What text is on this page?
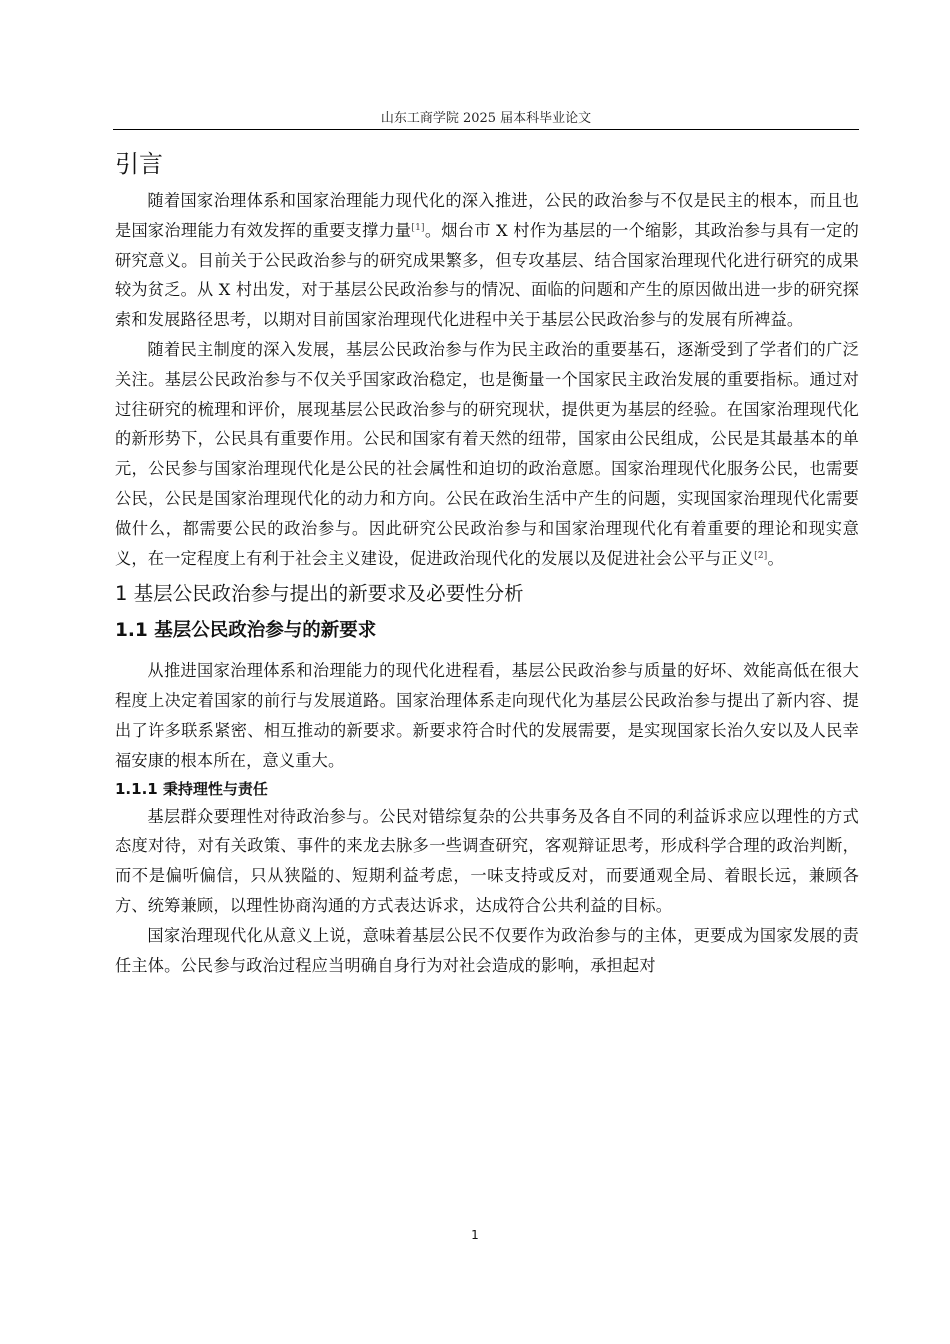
山东工商学院 2025 届本科毕业论文
引言

随着国家治理体系和国家治理能力现代化的深入推进，公民的政治参与不仅是民主的根本，而且也是国家治理能力有效发挥的重要支撑力量[1]。烟台市 X 村作为基层的一个缩影，其政治参与具有一定的研究意义。目前关于公民政治参与的研究成果繁多，但专攻基层、结合国家治理现代化进行研究的成果较为贫乏。从 X 村出发，对于基层公民政治参与的情况、面临的问题和产生的原因做出进一步的研究探索和发展路径思考，以期对目前国家治理现代化进程中关于基层公民政治参与的发展有所裨益。

随着民主制度的深入发展，基层公民政治参与作为民主政治的重要基石，逐渐受到了学者们的广泛关注。基层公民政治参与不仅关乎国家政治稳定，也是衡量一个国家民主政治发展的重要指标。通过对过往研究的梳理和评价，展现基层公民政治参与的研究现状，提供更为基层的经验。在国家治理现代化的新形势下，公民具有重要作用。公民和国家有着天然的纽带，国家由公民组成，公民是其最基本的单元，公民参与国家治理现代化是公民的社会属性和迫切的政治意愿。国家治理现代化服务公民，也需要公民，公民是国家治理现代化的动力和方向。公民在政治生活中产生的问题，实现国家治理现代化需要做什么，都需要公民的政治参与。因此研究公民政治参与和国家治理现代化有着重要的理论和现实意义，在一定程度上有利于社会主义建设，促进政治现代化的发展以及促进社会公平与正义[2]。

1 基层公民政治参与提出的新要求及必要性分析
1.1 基层公民政治参与的新要求

从推进国家治理体系和治理能力的现代化进程看，基层公民政治参与质量的好坏、效能高低在很大程度上决定着国家的前行与发展道路。国家治理体系走向现代化为基层公民政治参与提出了新内容、提出了许多联系紧密、相互推动的新要求。新要求符合时代的发展需要，是实现国家长治久安以及人民幸福安康的根本所在，意义重大。

1.1.1 秉持理性与责任

基层群众要理性对待政治参与。公民对错综复杂的公共事务及各自不同的利益诉求应以理性的方式态度对待，对有关政策、事件的来龙去脉多一些调查研究，客观辩证思考，形成科学合理的政治判断，而不是偏听偏信，只从狭隘的、短期利益考虑，一味支持或反对，而要通观全局、着眼长远，兼顾各方、统筹兼顾，以理性协商沟通的方式表达诉求，达成符合公共利益的目标。

国家治理现代化从意义上说，意味着基层公民不仅要作为政治参与的主体，更要成为国家发展的责任主体。公民参与政治过程应当明确自身行为对社会造成的影响，承担起对

1
